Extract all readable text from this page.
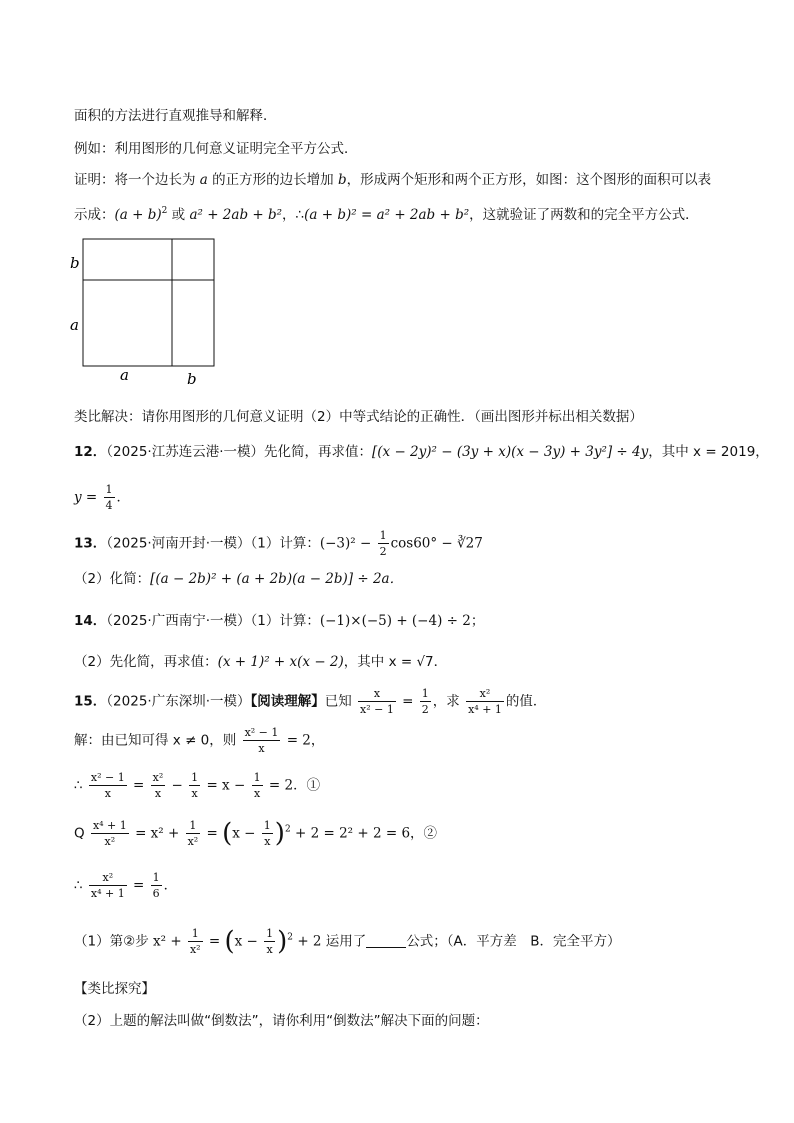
面积的方法进行直观推导和解释．
例如：利用图形的几何意义证明完全平方公式．
证明：将一个边长为 a 的正方形的边长增加 b，形成两个矩形和两个正方形，如图：这个图形的面积可以表
示成：$(a + b)^2$ 或 a² + 2ab + b²，∴(a + b)² = a² + 2ab + b²，这就验证了两数和的完全平方公式．
b
a
a	b
类比解决：请你用图形的几何意义证明（2）中等式结论的正确性．（画出图形并标出相关数据）
12．（2025·江苏连云港·一模）先化简，再求值：[(x − 2y)² − (3y + x)(x − 3y) + 3y²] ÷ 4y，其中 x = 2019，
$y = \frac{1}{4}$ ．
13．（2025·河南开封·一模）（1）计算：$(-3)^2 - \frac{1}{2} \cos 60^\circ$ − ∛27
（2）化简：[(a − 2b)² + (a + 2b)(a − 2b)] ÷ 2a．
14．（2025·广西南宁·一模）（1）计算：(−1)×(−5) + (−4) ÷ 2；
（2）先化简，再求值：(x + 1)² + x(x − 2)，其中 x = √7．
15．（2025·广东深圳·一模）【阅读理解】已知 $\frac{x}{\text{x² − 1}} = \frac{1}{2}$ ，求 $\frac{\text{x²}}{\text{x⁴ + 1}}$ 的值．
解：由已知可得 x ≠ 0，则 $\frac{\text{x² − 1}}{x} = 2$，
∴ $\frac{\text{x² − 1}}{x} = \frac{\text{x²}}{x} - \frac{1}{x} = x - \frac{1}{x} = 2$．①
Q $\frac{\text{x⁴ + 1}}{\text{x²}} = x^2 + \frac{1}{\text{x²}} = (x - \frac{1}{x} )^2 + 2 = 2^2 + 2 = 6$，②
∴ $\frac{\text{x²}}{\text{x⁴ + 1}} = \frac{1}{6}$ ．
（1）第②步 $x^2 + \frac{1}{\text{x²}} = (x - \frac{1}{x} )^2 + 2$ 运用了	公式；（A．平方差　B．完全平方）
【类比探究】
（2）上题的解法叫做“倒数法”，请你利用“倒数法”解决下面的问题：
